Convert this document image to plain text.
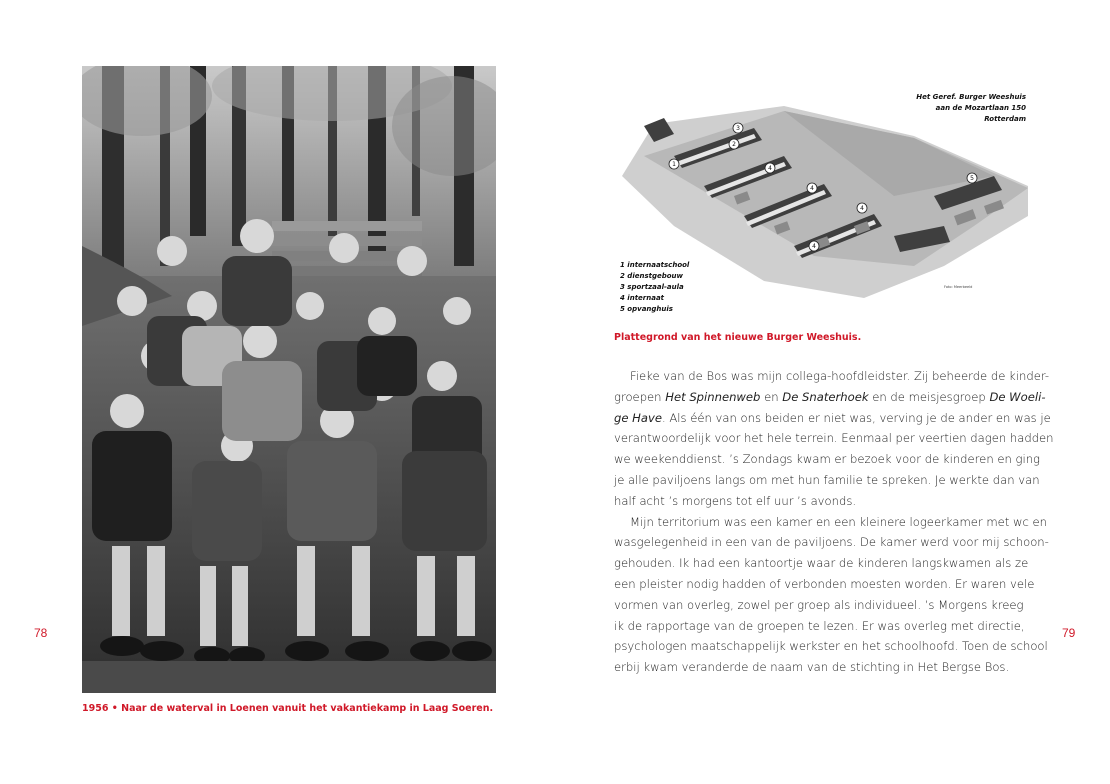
78	79
1956 • Naar de waterval in Loenen vanuit het vakantiekamp in Laag Soeren.
1
2
3
4
4
4
4
5
Het Geref. Burger Weeshuis
aan de Mozartlaan 150
Rotterdam
1 internaatschool
2 dienstgebouw
3 sportzaal-aula
4 internaat
5 opvanghuis
Foto: Meerbeeld
Plattegrond van het nieuwe Burger Weeshuis.
Fieke van de Bos was mijn collega-hoofdleidster. Zij beheerde de kinder-
groepen Het Spinnenweb en De Snaterhoek en de meisjesgroep De Woeli-
ge Have. Als één van ons beiden er niet was, verving je de ander en was je
verantwoordelijk voor het hele terrein. Eenmaal per veertien dagen hadden
we weekenddienst. ’s Zondags kwam er bezoek voor de kinderen en ging
je alle paviljoens langs om met hun familie te spreken. Je werkte dan van
half acht ’s morgens tot elf uur ’s avonds.
Mijn territorium was een kamer en een kleinere logeerkamer met wc en
wasgelegenheid in een van de paviljoens. De kamer werd voor mij schoon-
gehouden. Ik had een kantoortje waar de kinderen langskwamen als ze
een pleister nodig hadden of verbonden moesten worden. Er waren vele
vormen van overleg, zowel per groep als individueel. ’s Morgens kreeg
ik de rapportage van de groepen te lezen. Er was overleg met directie,
psychologen maatschappelijk werkster en het schoolhoofd. Toen de school
erbij kwam veranderde de naam van de stichting in Het Bergse Bos.
